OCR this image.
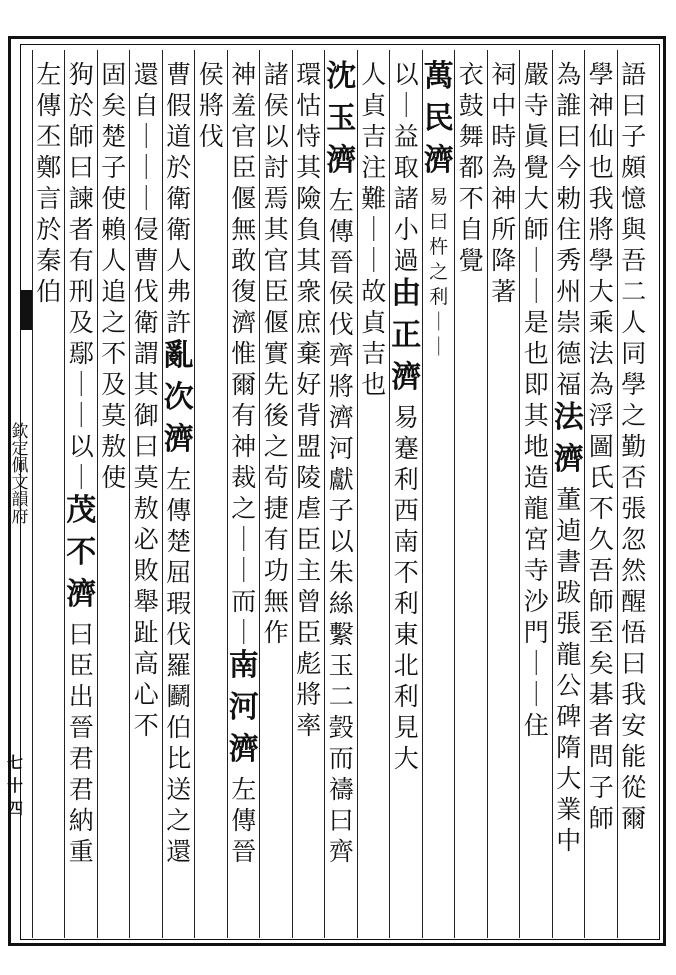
欽定佩文韻府
七十四
語
曰
子
頗
憶
與
吾
二
人
同
學
之
勤
否
張
忽
然
醒
悟
曰
我
安
能
從
爾
學
神
仙
也
我
將
學
大
乘
法
為
浮
圖
氏
不
久
吾
師
至
矣
碁
者
問
子
師
為
誰
曰
今
勅
住
秀
州
崇
德
福
法
濟
董
逌
書
跋
張
龍
公
碑
隋
大
業
中
嚴
寺
眞
覺
大
師
｜
｜
是
也
即
其
地
造
龍
宮
寺
沙
門
｜
｜
住
祠
中
時
為
神
所
降
著
衣
鼓
舞
都
不
自
覺
萬
民
濟
易
曰
杵
之
利
｜
｜
以
｜
益
取
諸
小
過
由
正
濟
易
蹇
利
西
南
不
利
東
北
利
見
大
人
貞
吉
注
難
｜
｜
故
貞
吉
也
沈
玉
濟
左
傳
晉
侯
伐
齊
將
濟
河
獻
子
以
朱
絲
繫
玉
二
瑴
而
禱
曰
齊
環
怙
恃
其
險
負
其
衆
庶
棄
好
背
盟
陵
虐
臣
主
曾
臣
彪
將
率
諸
侯
以
討
焉
其
官
臣
偃
實
先
後
之
茍
捷
有
功
無
作
神
羞
官
臣
偃
無
敢
復
濟
惟
爾
有
神
裁
之
｜
｜
而
｜
南
河
濟
左
傳
晉
侯
將
伐
曹
假
道
於
衛
衛
人
弗
許
亂
次
濟
左
傳
楚
屈
瑕
伐
羅
鬬
伯
比
送
之
還
還
自
｜
｜
｜
侵
曹
伐
衛
謂
其
御
曰
莫
敖
必
敗
舉
趾
高
心
不
固
矣
楚
子
使
賴
人
追
之
不
及
莫
敖
使
狗
於
師
曰
諫
者
有
刑
及
鄢
｜
｜
以
｜
茂
不
濟
曰
臣
出
晉
君
君
納
重
左
傳
丕
鄭
言
於
秦
伯
